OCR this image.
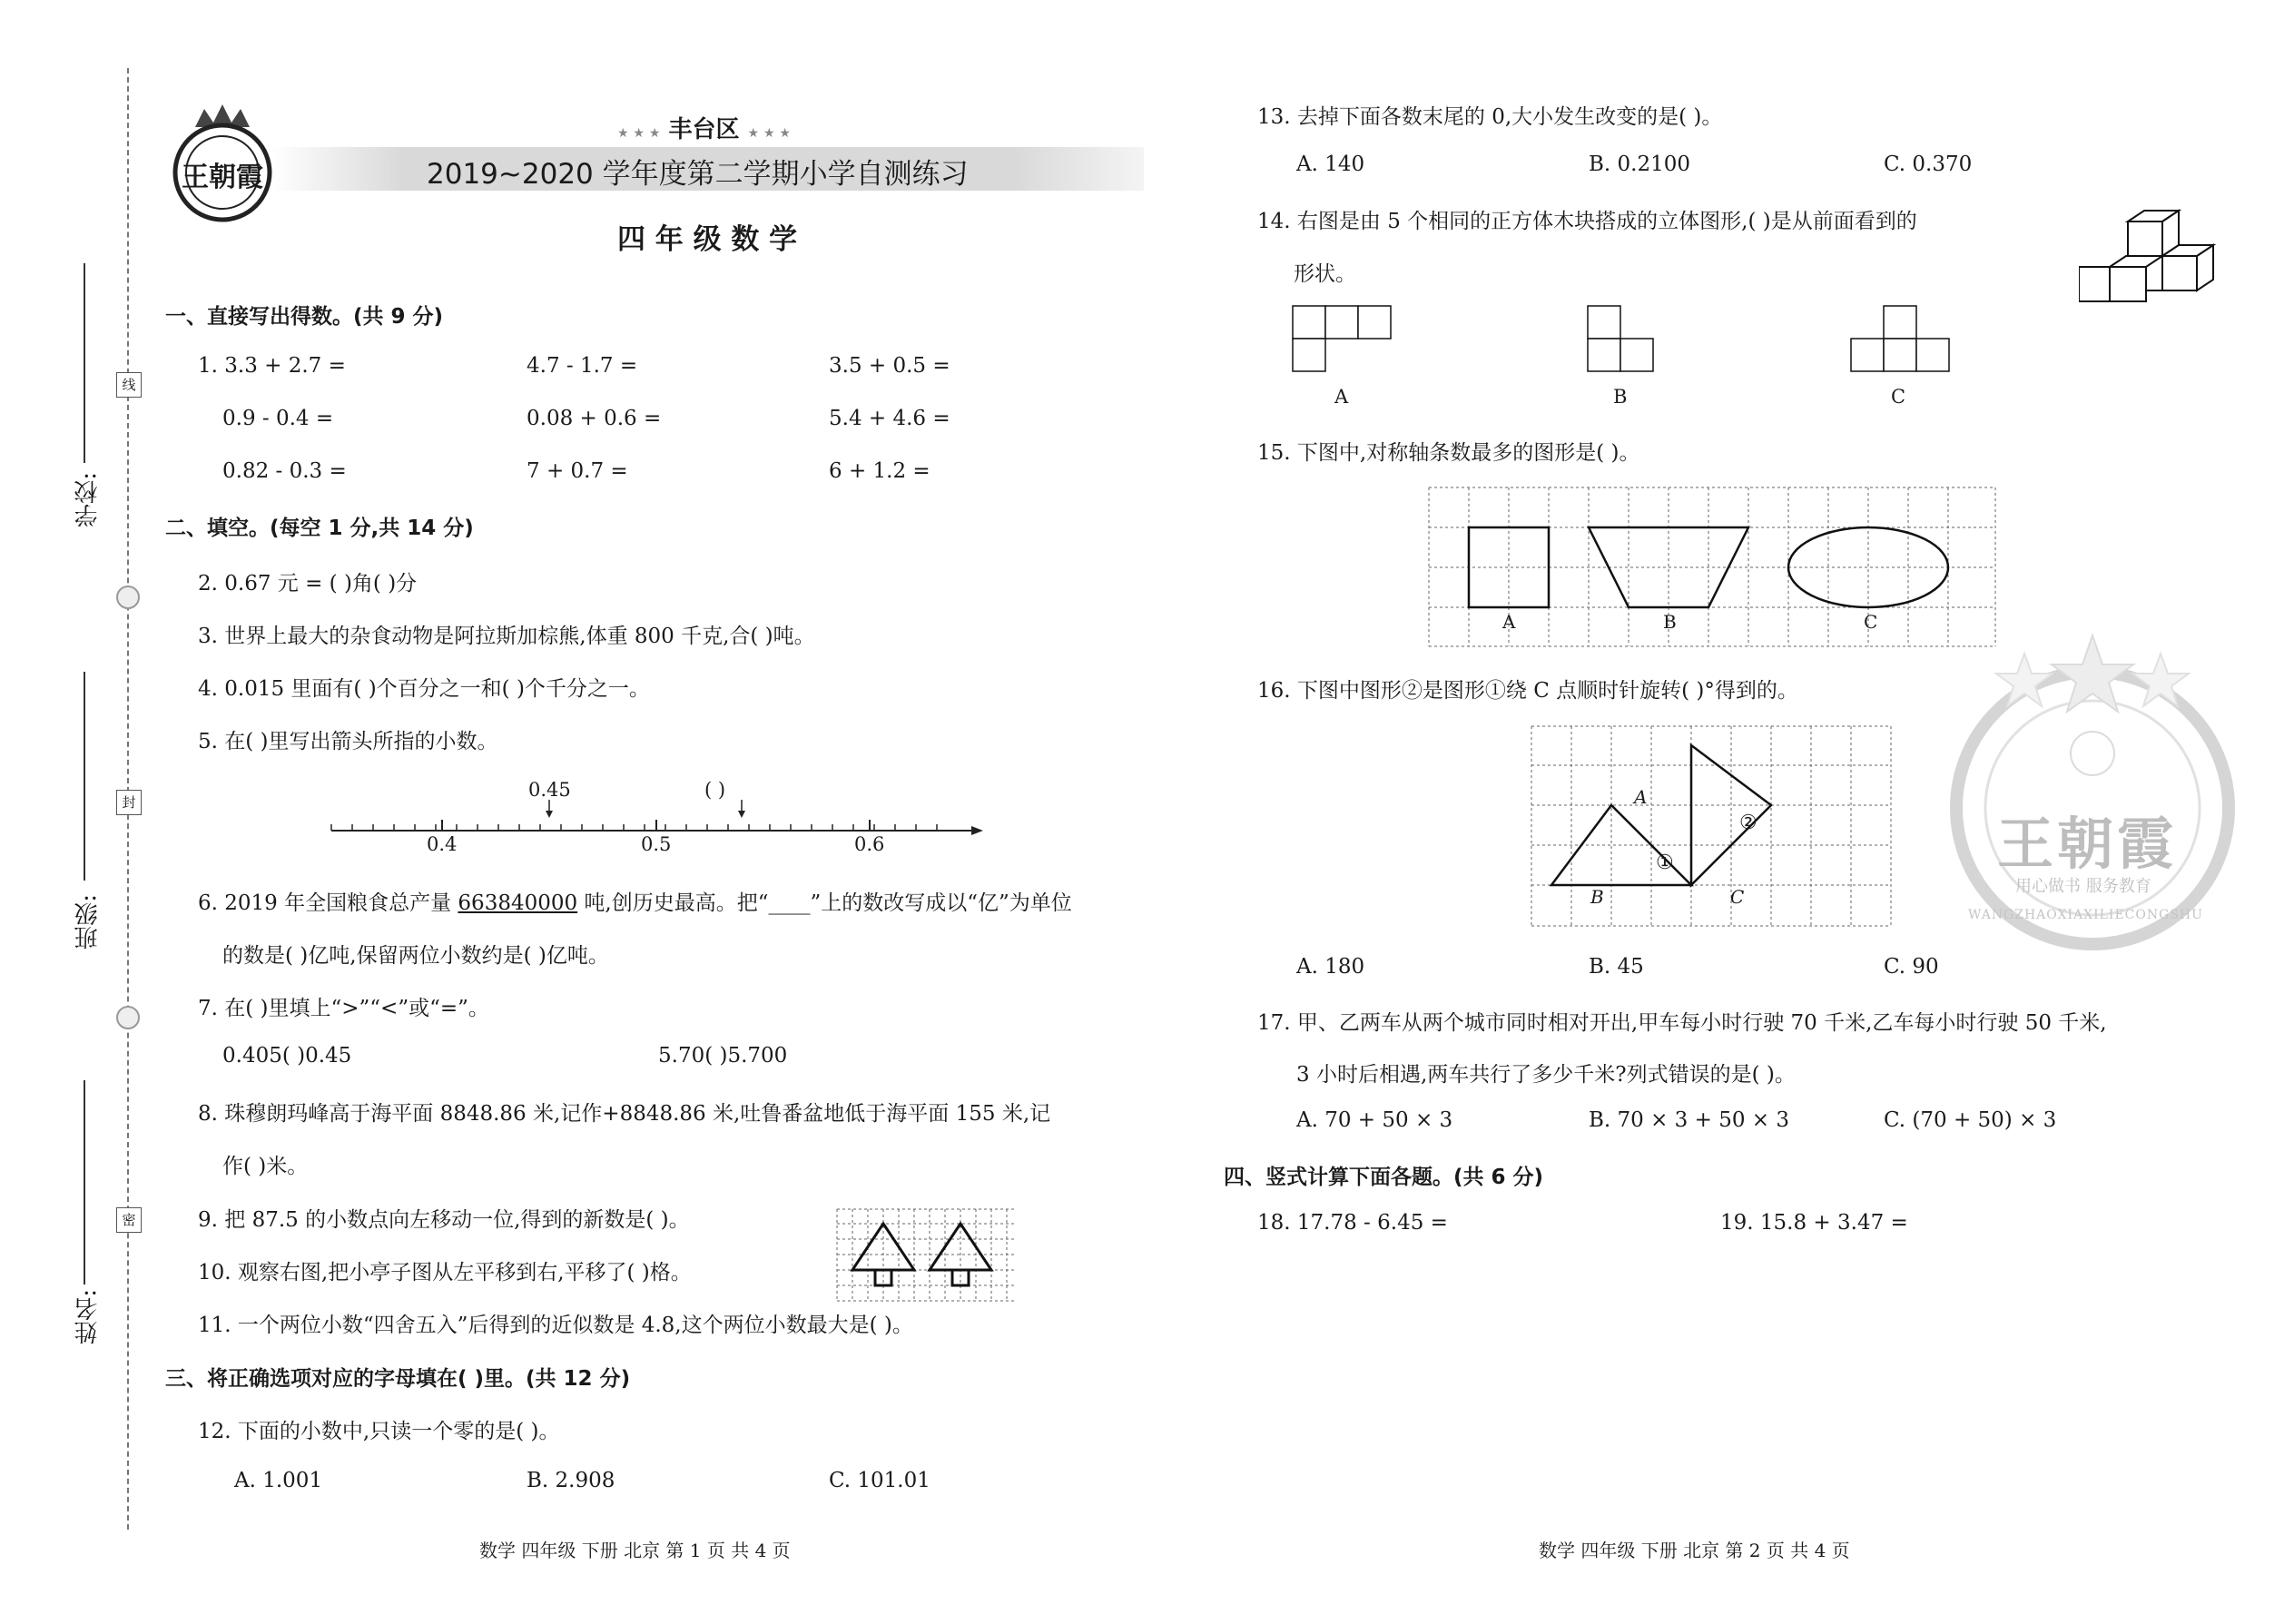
学校:
班级:
姓名:
线
封
密
王朝霞
★ ★ ★ 丰台区 ★ ★ ★
2019~2020 学年度第二学期小学自测练习
四 年 级 数 学
一、直接写出得数。(共 9 分)
1. 3.3 + 2.7 =	4.7 - 1.7 =	3.5 + 0.5 =
0.9 - 0.4 =	0.08 + 0.6 =	5.4 + 4.6 =
0.82 - 0.3 =	7 + 0.7 =	6 + 1.2 =
二、填空。(每空 1 分,共 14 分)
2. 0.67 元 = ( )角( )分
3. 世界上最大的杂食动物是阿拉斯加棕熊,体重 800 千克,合( )吨。
4. 0.015 里面有( )个百分之一和( )个千分之一。
5. 在( )里写出箭头所指的小数。
0.45	( )
0.4	0.5	0.6
6. 2019 年全国粮食总产量 663840000 吨,创历史最高。把“____”上的数改写成以“亿”为单位
的数是( )亿吨,保留两位小数约是( )亿吨。
7. 在( )里填上“>”“<”或“=”。
0.405( )0.45	5.70( )5.700
8. 珠穆朗玛峰高于海平面 8848.86 米,记作+8848.86 米,吐鲁番盆地低于海平面 155 米,记
作( )米。
9. 把 87.5 的小数点向左移动一位,得到的新数是( )。
10. 观察右图,把小亭子图从左平移到右,平移了( )格。
11. 一个两位小数“四舍五入”后得到的近似数是 4.8,这个两位小数最大是( )。
三、将正确选项对应的字母填在( )里。(共 12 分)
12. 下面的小数中,只读一个零的是( )。
A. 1.001	B. 2.908	C. 101.01
数学 四年级 下册 北京 第 1 页 共 4 页
13. 去掉下面各数末尾的 0,大小发生改变的是( )。
A. 140	B. 0.2100	C. 0.370
14. 右图是由 5 个相同的正方体木块搭成的立体图形,( )是从前面看到的
形状。
A	B	C
15. 下图中,对称轴条数最多的图形是( )。
A	B	C
16. 下图中图形②是图形①绕 C 点顺时针旋转( )°得到的。
A
B	C
①
②
A. 180	B. 45	C. 90
17. 甲、乙两车从两个城市同时相对开出,甲车每小时行驶 70 千米,乙车每小时行驶 50 千米,
3 小时后相遇,两车共行了多少千米?列式错误的是( )。
A. 70 + 50 × 3	B. 70 × 3 + 50 × 3	C. (70 + 50) × 3
四、竖式计算下面各题。(共 6 分)
18. 17.78 - 6.45 =	19. 15.8 + 3.47 =
数学 四年级 下册 北京 第 2 页 共 4 页
王朝霞
用心做书 服务教育
WANGZHAOXIAXILIECONGSHU
